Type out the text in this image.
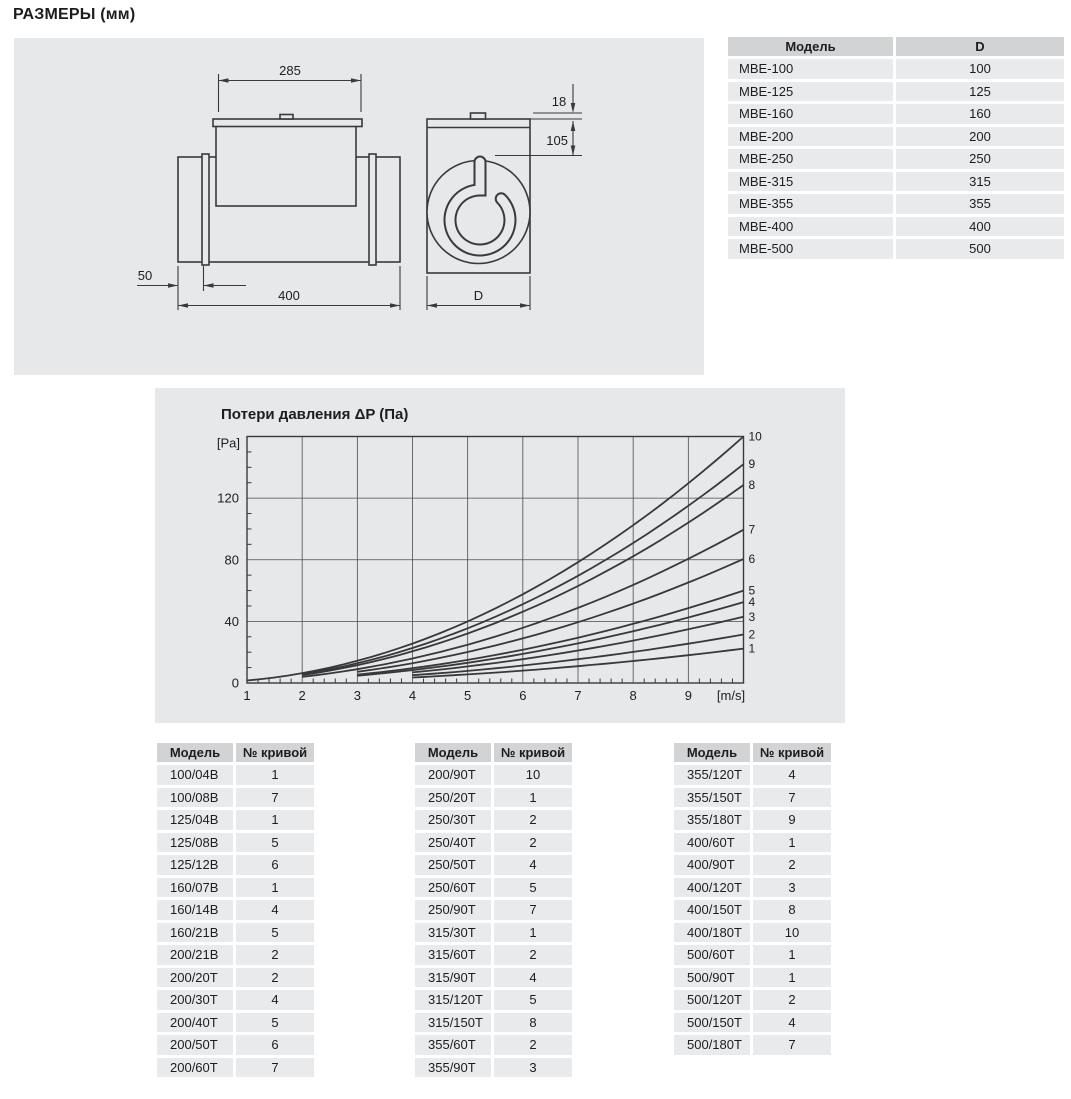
РАЗМЕРЫ (мм)
285
50
400
18
105
D
Модель	D
МВЕ-100	100
МВЕ-125	125
МВЕ-160	160
МВЕ-200	200
МВЕ-250	250
МВЕ-315	315
МВЕ-355	355
МВЕ-400	400
МВЕ-500	500
Потери давления ΔP (Па)
1	2	3	4	5	6	7	8	9
0
40
80
120
1
2
3
4
5
6
7
8
9
10
[m/s]
[Pa]
Модель	№ кривой
100/04В	1
100/08В	7
125/04В	1
125/08В	5
125/12В	6
160/07В	1
160/14В	4
160/21В	5
200/21В	2
200/20Т	2
200/30Т	4
200/40Т	5
200/50Т	6
200/60Т	7
Модель	№ кривой
200/90Т	10
250/20Т	1
250/30Т	2
250/40Т	2
250/50Т	4
250/60Т	5
250/90Т	7
315/30Т	1
315/60Т	2
315/90Т	4
315/120Т	5
315/150Т	8
355/60Т	2
355/90Т	3
Модель	№ кривой
355/120Т	4
355/150Т	7
355/180Т	9
400/60Т	1
400/90Т	2
400/120Т	3
400/150Т	8
400/180Т	10
500/60Т	1
500/90Т	1
500/120Т	2
500/150Т	4
500/180Т	7
